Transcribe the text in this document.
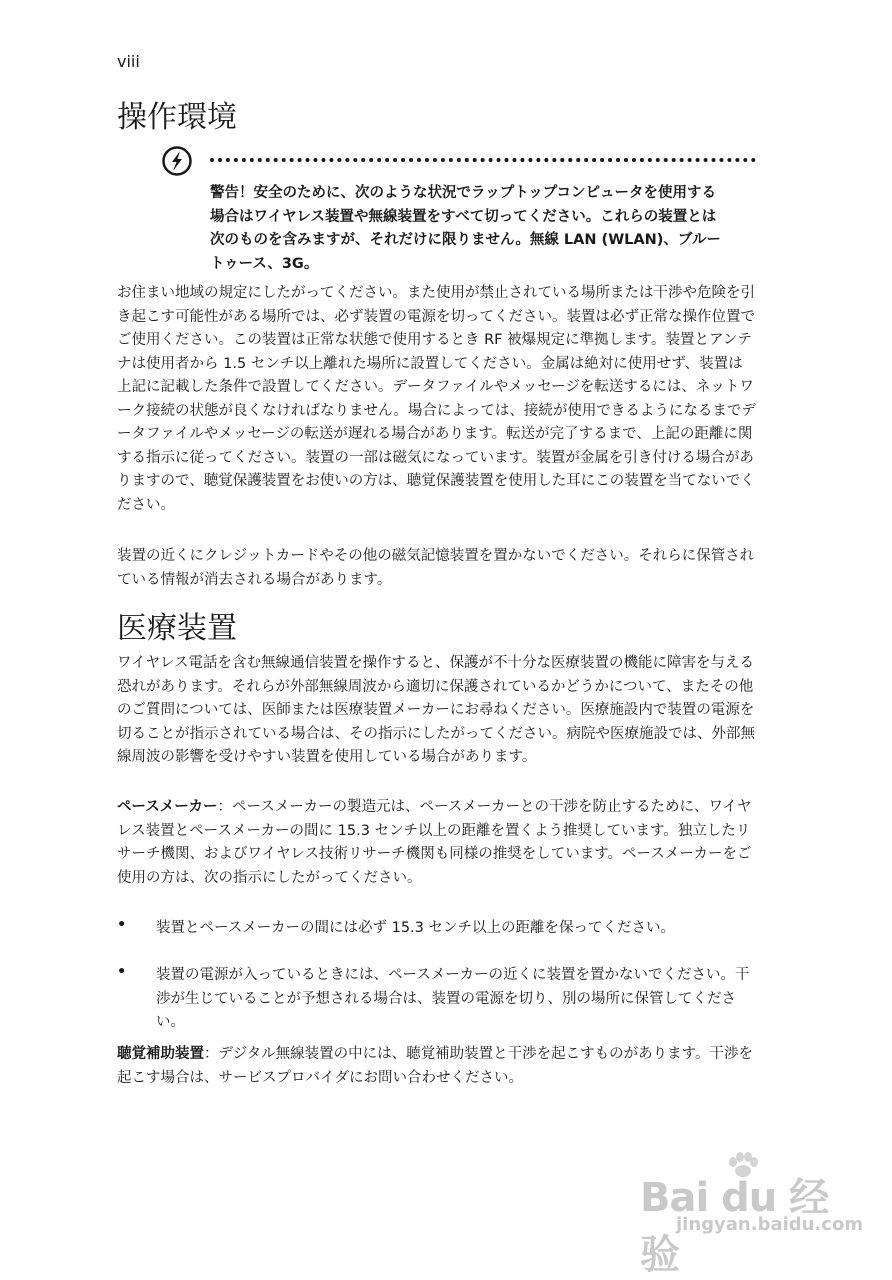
viii
操作環境
警告！安全のために、次のような状況でラップトップコンピュータを使用する場合はワイヤレス装置や無線装置をすべて切ってください。これらの装置とは次のものを含みますが、それだけに限りません。無線 LAN (WLAN)、ブルートゥース、3G。

お住まい地域の規定にしたがってください。また使用が禁止されている場所または干渉や危険を引き起こす可能性がある場所では、必ず装置の電源を切ってください。装置は必ず正常な操作位置でご使用ください。この装置は正常な状態で使用するとき RF 被爆規定に準拠します。装置とアンテナは使用者から 1.5 センチ以上離れた場所に設置してください。金属は絶対に使用せず、装置は上記に記載した条件で設置してください。データファイルやメッセージを転送するには、ネットワーク接続の状態が良くなければなりません。場合によっては、接続が使用できるようになるまでデータファイルやメッセージの転送が遅れる場合があります。転送が完了するまで、上記の距離に関する指示に従ってください。装置の一部は磁気になっています。装置が金属を引き付ける場合がありますので、聴覚保護装置をお使いの方は、聴覚保護装置を使用した耳にこの装置を当てないでください。

装置の近くにクレジットカードやその他の磁気記憶装置を置かないでください。それらに保管されている情報が消去される場合があります。

医療装置

ワイヤレス電話を含む無線通信装置を操作すると、保護が不十分な医療装置の機能に障害を与える恐れがあります。それらが外部無線周波から適切に保護されているかどうかについて、またその他のご質問については、医師または医療装置メーカーにお尋ねください。医療施設内で装置の電源を切ることが指示されている場合は、その指示にしたがってください。病院や医療施設では、外部無線周波の影響を受けやすい装置を使用している場合があります。

ペースメーカー：ペースメーカーの製造元は、ペースメーカーとの干渉を防止するために、ワイヤレス装置とペースメーカーの間に 15.3 センチ以上の距離を置くよう推奨しています。独立したリサーチ機関、およびワイヤレス技術リサーチ機関も同様の推奨をしています。ペースメーカーをご使用の方は、次の指示にしたがってください。

• 装置とペースメーカーの間には必ず 15.3 センチ以上の距離を保ってください。
• 装置の電源が入っているときには、ペースメーカーの近くに装置を置かないでください。干渉が生じていることが予想される場合は、装置の電源を切り、別の場所に保管してください。

聴覚補助装置：デジタル無線装置の中には、聴覚補助装置と干渉を起こすものがあります。干渉を起こす場合は、サービスプロバイダにお問い合わせください。

Bai du 经验
jingyan.baidu.com
